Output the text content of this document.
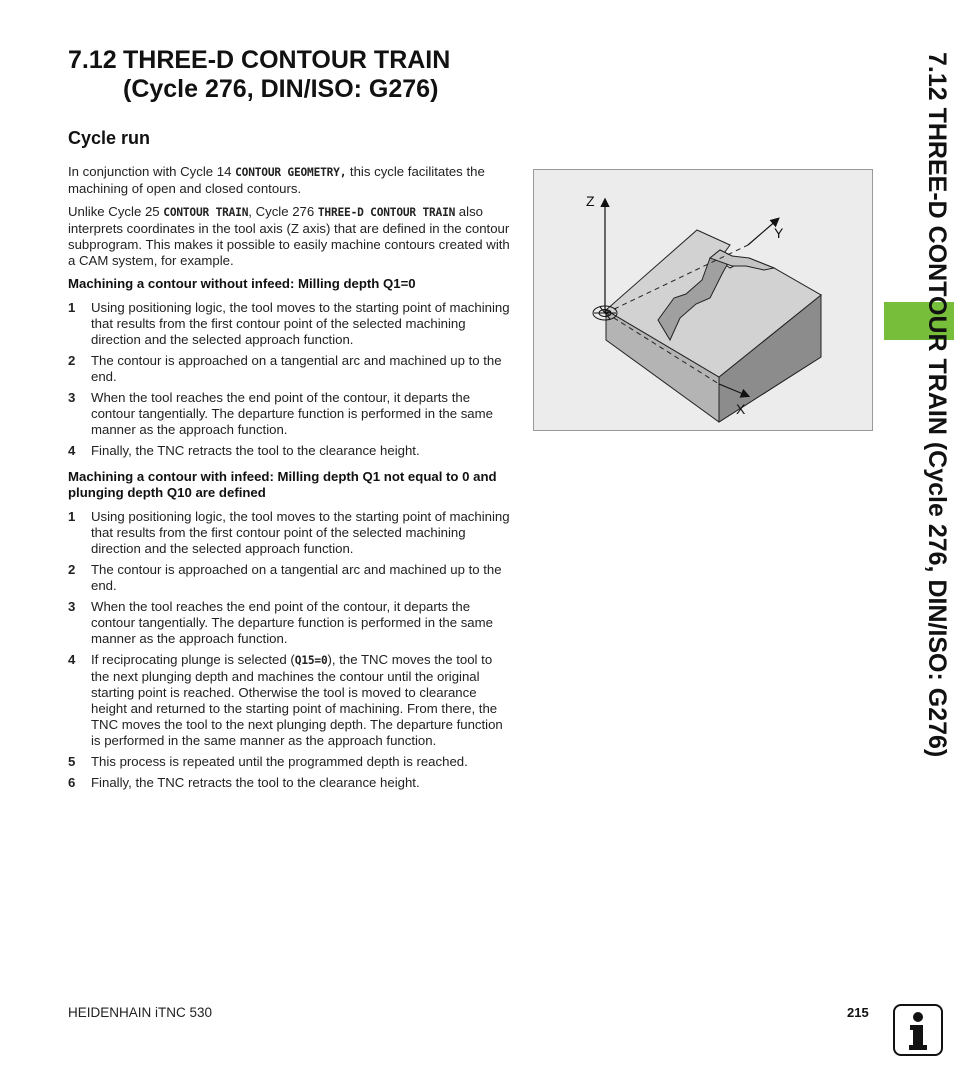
7.12 THREE-D CONTOUR TRAIN
(Cycle 276, DIN/ISO: G276)
Cycle run

In conjunction with Cycle 14 CONTOUR GEOMETRY, this cycle facilitates the machining of open and closed contours.

Unlike Cycle 25 CONTOUR TRAIN, Cycle 276 THREE-D CONTOUR TRAIN also interprets coordinates in the tool axis (Z axis) that are defined in the contour subprogram. This makes it possible to easily machine contours created with a CAM system, for example.

Machining a contour without infeed: Milling depth Q1=0

1	Using positioning logic, the tool moves to the starting point of machining that results from the first contour point of the selected machining direction and the selected approach function.
2	The contour is approached on a tangential arc and machined up to the end.
3	When the tool reaches the end point of the contour, it departs the contour tangentially. The departure function is performed in the same manner as the approach function.
4	Finally, the TNC retracts the tool to the clearance height.

Machining a contour with infeed: Milling depth Q1 not equal to 0 and plunging depth Q10 are defined

1	Using positioning logic, the tool moves to the starting point of machining that results from the first contour point of the selected machining direction and the selected approach function.
2	The contour is approached on a tangential arc and machined up to the end.
3	When the tool reaches the end point of the contour, it departs the contour tangentially. The departure function is performed in the same manner as the approach function.
4	If reciprocating plunge is selected (Q15=0), the TNC moves the tool to the next plunging depth and machines the contour until the original starting point is reached. Otherwise the tool is moved to clearance height and returned to the starting point of machining. From there, the TNC moves the tool to the next plunging depth. The departure function is performed in the same manner as the approach function.
5	This process is repeated until the programmed depth is reached.
6	Finally, the TNC retracts the tool to the clearance height.
Z
Y
X	7.12 THREE-D CONTOUR TRAIN (Cycle 276, DIN/ISO: G276)
HEIDENHAIN iTNC 530	215
